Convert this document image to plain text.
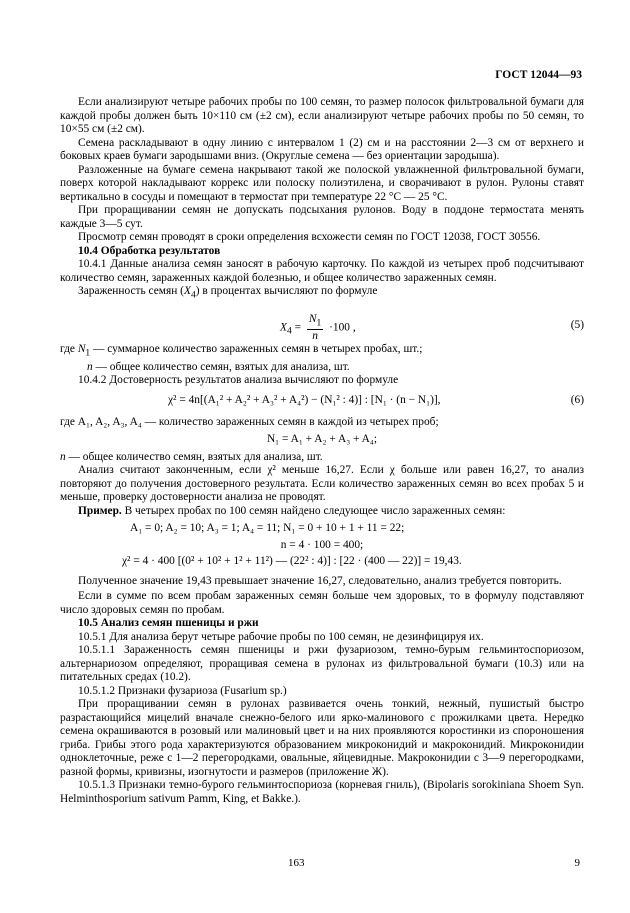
ГОСТ 12044—93

Если анализируют четыре рабочих пробы по 100 семян, то размер полосок фильтровальной бумаги для каждой пробы должен быть 10×110 см (±2 см), если анализируют четыре рабочих пробы по 50 семян, то 10×55 см (±2 см).

Семена раскладывают в одну линию с интервалом 1 (2) см и на расстоянии 2—3 см от верхнего и боковых краев бумаги зародышами вниз. (Округлые семена — без ориентации зародыша).

Разложенные на бумаге семена накрывают такой же полоской увлажненной фильтровальной бумаги, поверх которой накладывают коррекс или полоску полиэтилена, и сворачивают в рулон. Рулоны ставят вертикально в сосуды и помещают в термостат при температуре 22 °С — 25 °С.

При проращивании семян не допускать подсыхания рулонов. Воду в поддоне термостата менять каждые 3—5 сут.

Просмотр семян проводят в сроки определения всхожести семян по ГОСТ 12038, ГОСТ 30556.

10.4 Обработка результатов

10.4.1 Данные анализа семян заносят в рабочую карточку. По каждой из четырех проб подсчитывают количество семян, зараженных каждой болезнью, и общее количество зараженных семян.

Зараженность семян $(X_4)$ в процентах вычисляют по формуле

$X_4 = \frac{N_1}{n} \cdot 100$ ,	(5)

где $N_1$ — суммарное количество зараженных семян в четырех пробах, шт.;

n — общее количество семян, взятых для анализа, шт.

10.4.2 Достоверность результатов анализа вычисляют по формуле

χ² = 4n[(A₁² + A₂² + A₃² + A₄²) − (N₁² : 4)] : [N₁ · (n − N₁)],	(6)

где A₁, A₂, A₃, A₄ — количество зараженных семян в каждой из четырех проб;

N₁ = A₁ + A₂ + A₃ + A₄;

n — общее количество семян, взятых для анализа, шт.

Анализ считают законченным, если χ² меньше 16,27. Если χ больше или равен 16,27, то анализ повторяют до получения достоверного результата. Если количество зараженных семян во всех пробах 5 и меньше, проверку достоверности анализа не проводят.

Пример. В четырех пробах по 100 семян найдено следующее число зараженных семян:

A₁ = 0; A₂ = 10; A₃ = 1; A₄ = 11; N₁ = 0 + 10 + 1 + 11 = 22;

n = 4 · 100 = 400;

χ² = 4 · 400 [(0² + 10² + 1² + 11²) — (22² : 4)] : [22 · (400 — 22)] = 19,43.

Полученное значение 19,43 превышает значение 16,27, следовательно, анализ требуется повторить.

Если в сумме по всем пробам зараженных семян больше чем здоровых, то в формулу подставляют число здоровых семян по пробам.

10.5 Анализ семян пшеницы и ржи

10.5.1 Для анализа берут четыре рабочие пробы по 100 семян, не дезинфицируя их.

10.5.1.1 Зараженность семян пшеницы и ржи фузариозом, темно-бурым гельминтоспориозом, альтернариозом определяют, проращивая семена в рулонах из фильтровальной бумаги (10.3) или на питательных средах (10.2).

10.5.1.2 Признаки фузариоза (Fusarium sp.)

При проращивании семян в рулонах развивается очень тонкий, нежный, пушистый быстро разрастающийся мицелий вначале снежно-белого или ярко-малинового с прожилками цвета. Нередко семена окрашиваются в розовый или малиновый цвет и на них проявляются коростинки из спороношения гриба. Грибы этого рода характеризуются образованием микроконидий и макроконидий. Микроконидии одноклеточные, реже с 1—2 перегородками, овальные, яйцевидные. Макроконидии с 3—9 перегородками, разной формы, кривизны, изогнутости и размеров (приложение Ж).

10.5.1.3 Признаки темно-бурого гельминтоспориоза (корневая гниль), (Bipolaris sorokiniana Shoem Syn. Helminthosporium sativum Pamm, King, et Bakke.).

163	9
